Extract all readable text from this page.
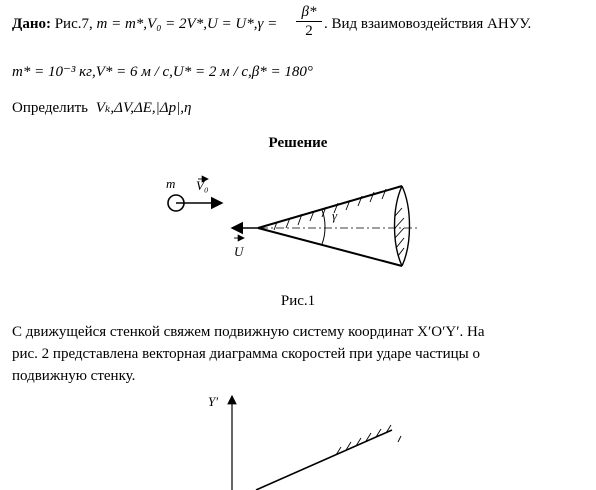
Дано: Рис.7, $m = m*,V_0 = 2V*,U = U*,\gamma = \frac{\beta*}{2}$ . Вид взаимовоздействия АНУУ.
m* = 10⁻³ кг,V* = 6 м / с,U* = 2 м / с,β* = 180°
Определить Vₖ,ΔV,ΔE,|Δp|,η
Решение
m V₀
γ
U
Рис.1
С движущейся стенкой свяжем подвижную систему координат X′O′Y′. На
рис. 2 представлена векторная диаграмма скоростей при ударе частицы о
подвижную стенку.
Y′
